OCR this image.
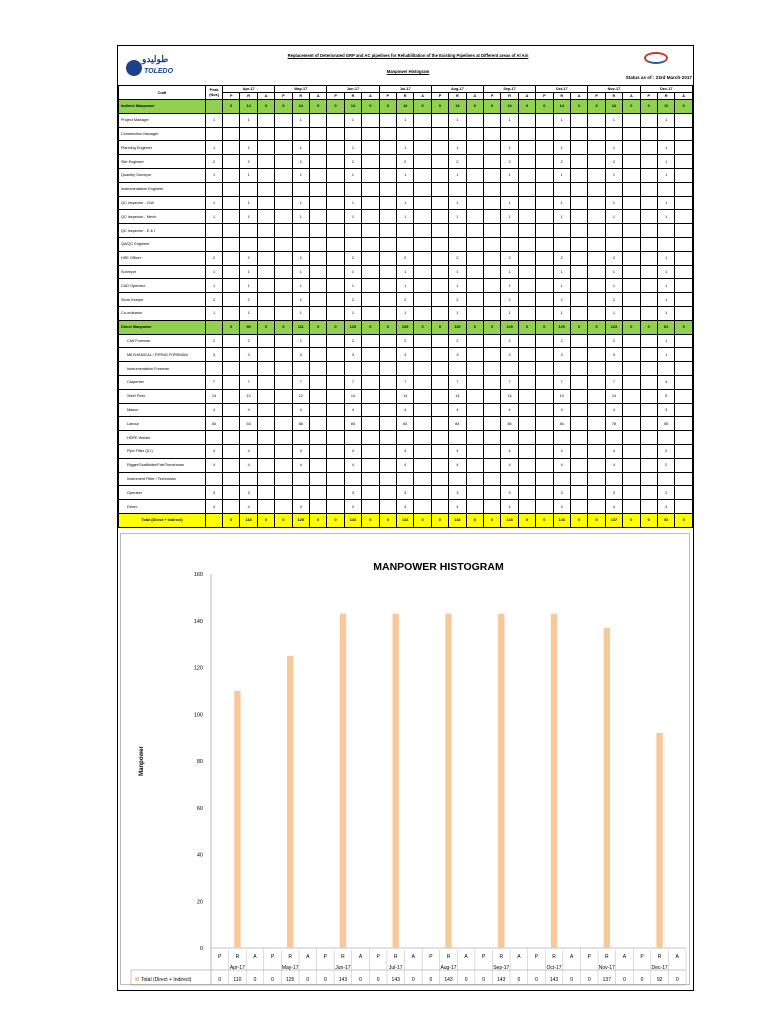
طوليدو
TOLEDO
Replacement of Deteriorated GRP and AC pipelines for Rehabilitation of the Existing Pipelines at Different areas of Al Ain
Manpower Histogram
Status as of : 23rd March-2017
Craft	Peak (Nos)	Apr-17			May-17			Jun-17			Jul-17			Aug-17			Sep-17			Oct-17			Nov-17			Dec-17		
		P	R	A	P	R	A	P	R	A	P	R	A	P	R	A	P	R	A	P	R	A	P	R	A	P	R	A
Indirect Manpower		0	14	0	0	14	0	0	14	0	0	14	0	0	14	0	0	14	0	0	14	0	0	14	0	0	11	0
Project Manager	1		1			1			1			1			1			1			1			1			1	
Construction Manager																												
Planning Engineer	1		1			1			1			1			1			1			1			1			1	
Site Engineer	2		2			2			2			2			2			2			2			2			1	
Quantity Surveyor	1		1			1			1			1			1			1			1			1			1	
Instrumentation Engineer																												
QC Inspector - Civil	1		1			1			1			1			1			1			1			1			1	
QC Inspector - Mech	1		1			1			1			1			1			1			1			1			1	
QC Inspector - E & I																												
QA/QC Engineer																												
HSE Officer	2		2			2			2			2			2			2			2			2			1	
Surveyor	1		1			1			1			1			1			1			1			1			1	
CAD Operator	1		1			1			1			1			1			1			1			1			1	
Store Keeper	2		2			2			2			2			2			2			2			2			1	
Co-ordinator	1		1			1			1			1			1			1			1			1			1	
Direct Manpower		0	96	0	0	111	0	0	129	0	0	129	0	0	129	0	0	129	0	0	129	0	0	123	0	0	81	0
Civil Foreman	2		2			2			2			2			2			2			2			2			1	
MECHANICAL / PIPING FOREMAN	3		3			3			3			3			3			3			3			3			1	
Instrumentation Foreman																												
Carpenter	7		7			7			7			7			7			7			7			7			4	
Steel Fixer	14		10			12			14			14			14			14			14			14			5	
Mason	4		4			4			4			4			4			4			4			4			3	
Labour	84		53			68			84			84			84			84			84			78			55	
HDPE Welder																												
Pipe Fitter (D.I)	4		4			4			4			4			4			4			4			4			2	
Rigger/Scaffolder/Fab/Trenchman	4		4			4			4			4			4			4			4			4			2	
Instrument Fitter / Technician																												
Operator	3		3						3			3			3			3			3			3			2	
Driver	4		4			4			4			4			4			4			4			4			3	
Total (Direct + Indirect)		0	110	0	0	125	0	0	143	0	0	143	0	0	143	0	0	143	0	0	143	0	0	137	0	0	92	0
MANPOWER HISTOGRAM
0
20
40
60
80
100
120
140
160
Manpower
P
0
R
110
A
0
P
0
R
125
A
0
P
0
R
143
A
0
P
0
R
143
A
0
P
0
R
143
A
0
P
0
R
143
A
0
P
0
R
143
A
0
P
0
R
137
A
0
P
0
R
92
A
0
Apr-17	May-17	Jun-17	Jul-17	Aug-17	Sep-17	Oct-17	Nov-17	Dec-17
Total (Direct + Indirect)
